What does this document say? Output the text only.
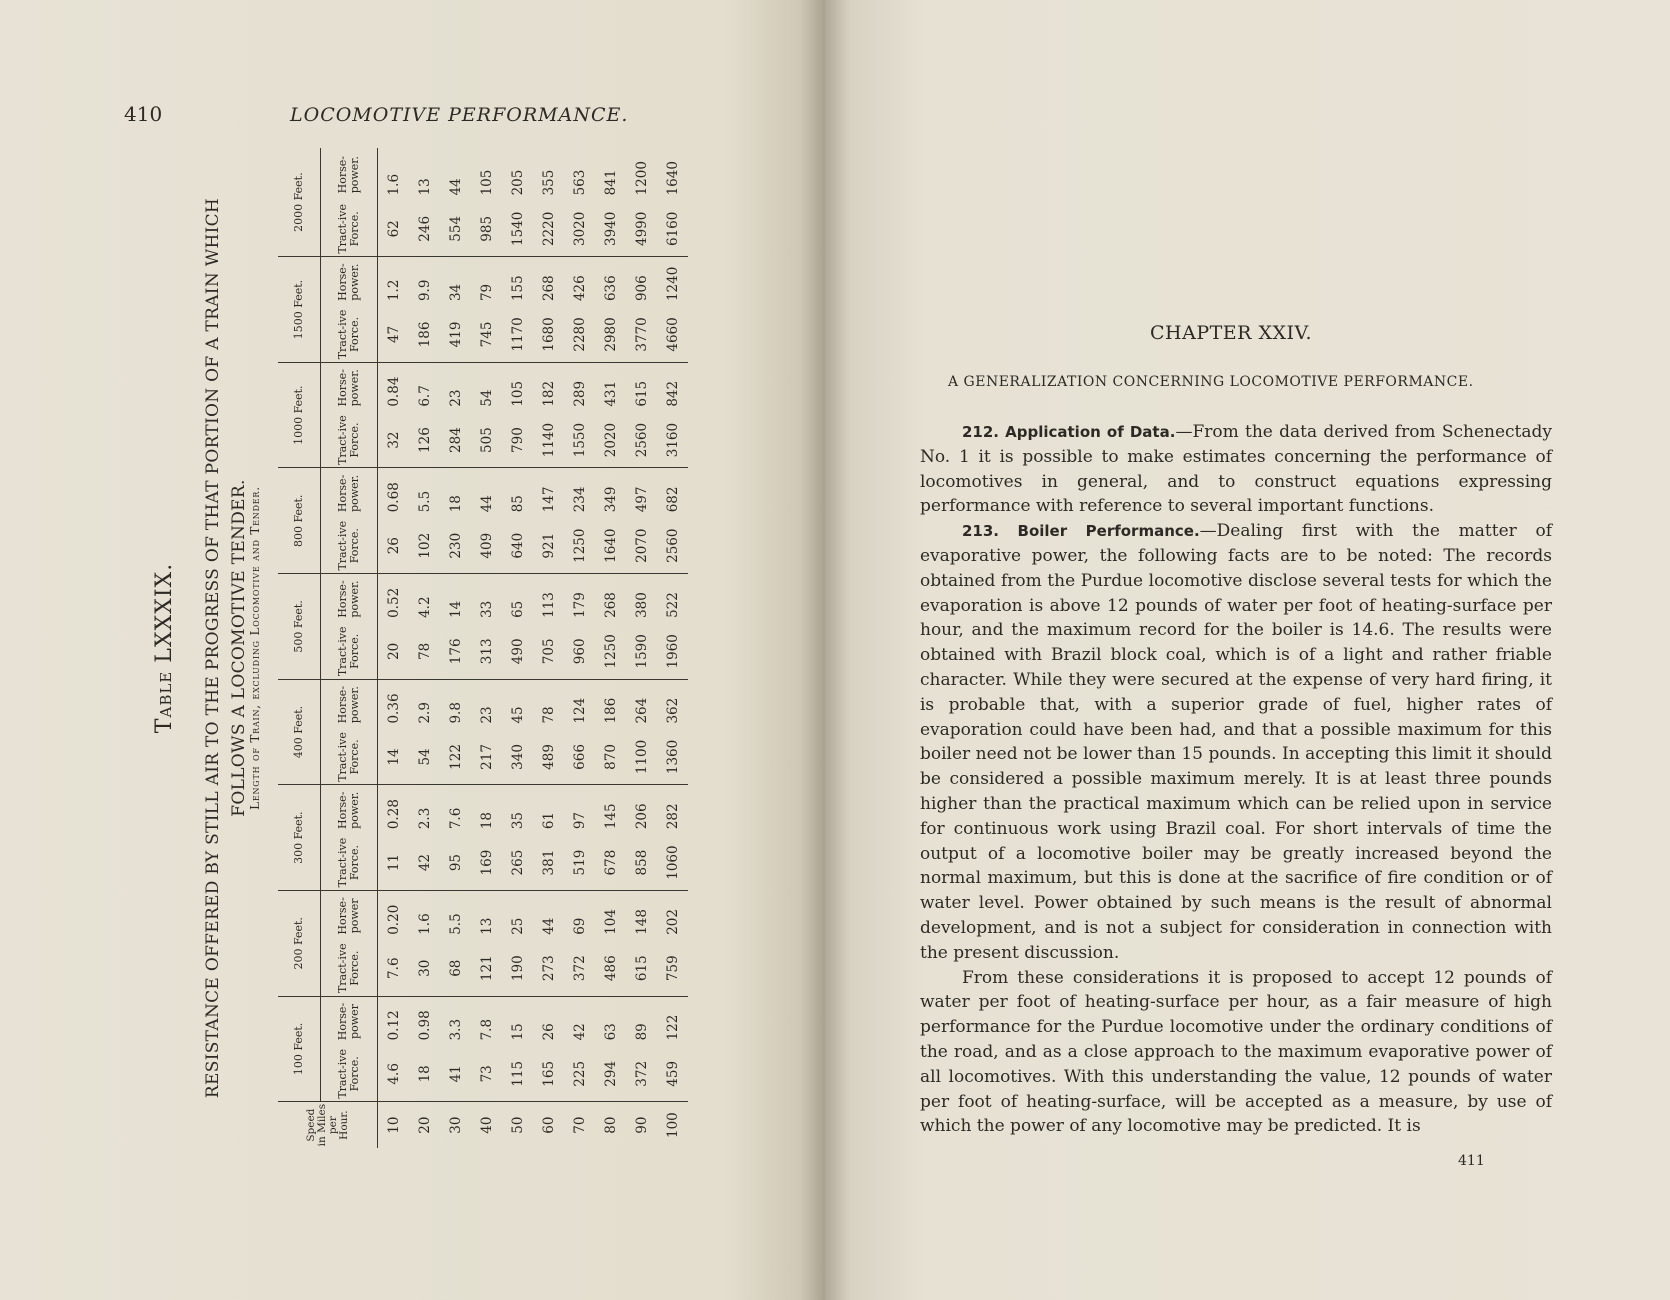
410	LOCOMOTIVE PERFORMANCE.
Table LXXXIX. RESISTANCE OFFERED BY STILL AIR TO THE PROGRESS OF THAT PORTION OF A TRAIN WHICH FOLLOWS A LOCOMOTIVE TENDER. Length of Train, excluding Locomotive and Tender.
Speed in Miles per Hour.	100 Feet.		200 Feet.		300 Feet.		400 Feet.		500 Feet.		800 Feet.		1000 Feet.		1500 Feet.		2000 Feet.	
	Tract-ive Force.	Horse-power	Tract-ive Force.	Horse-power	Tract-ive Force.	Horse-power.	Tract-ive Force.	Horse-power.	Tract-ive Force.	Horse-power.	Tract-ive Force.	Horse-power.	Tract-ive Force.	Horse-power.	Tract-ive Force.	Horse-power.	Tract-ive Force.	Horse-power.
10	4.6	0.12	7.6	0.20	11	0.28	14	0.36	20	0.52	26	0.68	32	0.84	47	1.2	62	1.6
20	18	0.98	30	1.6	42	2.3	54	2.9	78	4.2	102	5.5	126	6.7	186	9.9	246	13
30	41	3.3	68	5.5	95	7.6	122	9.8	176	14	230	18	284	23	419	34	554	44
40	73	7.8	121	13	169	18	217	23	313	33	409	44	505	54	745	79	985	105
50	115	15	190	25	265	35	340	45	490	65	640	85	790	105	1170	155	1540	205
60	165	26	273	44	381	61	489	78	705	113	921	147	1140	182	1680	268	2220	355
70	225	42	372	69	519	97	666	124	960	179	1250	234	1550	289	2280	426	3020	563
80	294	63	486	104	678	145	870	186	1250	268	1640	349	2020	431	2980	636	3940	841
90	372	89	615	148	858	206	1100	264	1590	380	2070	497	2560	615	3770	906	4990	1200
100	459	122	759	202	1060	282	1360	362	1960	522	2560	682	3160	842	4660	1240	6160	1640
CHAPTER XXIV.
A GENERALIZATION CONCERNING LOCOMOTIVE PERFORMANCE.

212. Application of Data.—From the data derived from Schenectady No. 1 it is possible to make estimates concerning the performance of locomotives in general, and to construct equations expressing performance with reference to several important functions.

213. Boiler Performance.—Dealing first with the matter of evaporative power, the following facts are to be noted: The records obtained from the Purdue locomotive disclose several tests for which the evaporation is above 12 pounds of water per foot of heating-surface per hour, and the maximum record for the boiler is 14.6. The results were obtained with Brazil block coal, which is of a light and rather friable character. While they were secured at the expense of very hard firing, it is probable that, with a superior grade of fuel, higher rates of evaporation could have been had, and that a possible maximum for this boiler need not be lower than 15 pounds. In accepting this limit it should be considered a possible maximum merely. It is at least three pounds higher than the practical maximum which can be relied upon in service for continuous work using Brazil coal. For short intervals of time the output of a locomotive boiler may be greatly increased beyond the normal maximum, but this is done at the sacrifice of fire condition or of water level. Power obtained by such means is the result of abnormal development, and is not a subject for consideration in connection with the present discussion.

From these considerations it is proposed to accept 12 pounds of water per foot of heating-surface per hour, as a fair measure of high performance for the Purdue locomotive under the ordinary conditions of the road, and as a close approach to the maximum evaporative power of all locomotives. With this understanding the value, 12 pounds of water per foot of heating-surface, will be accepted as a measure, by use of which the power of any locomotive may be predicted. It is

411
